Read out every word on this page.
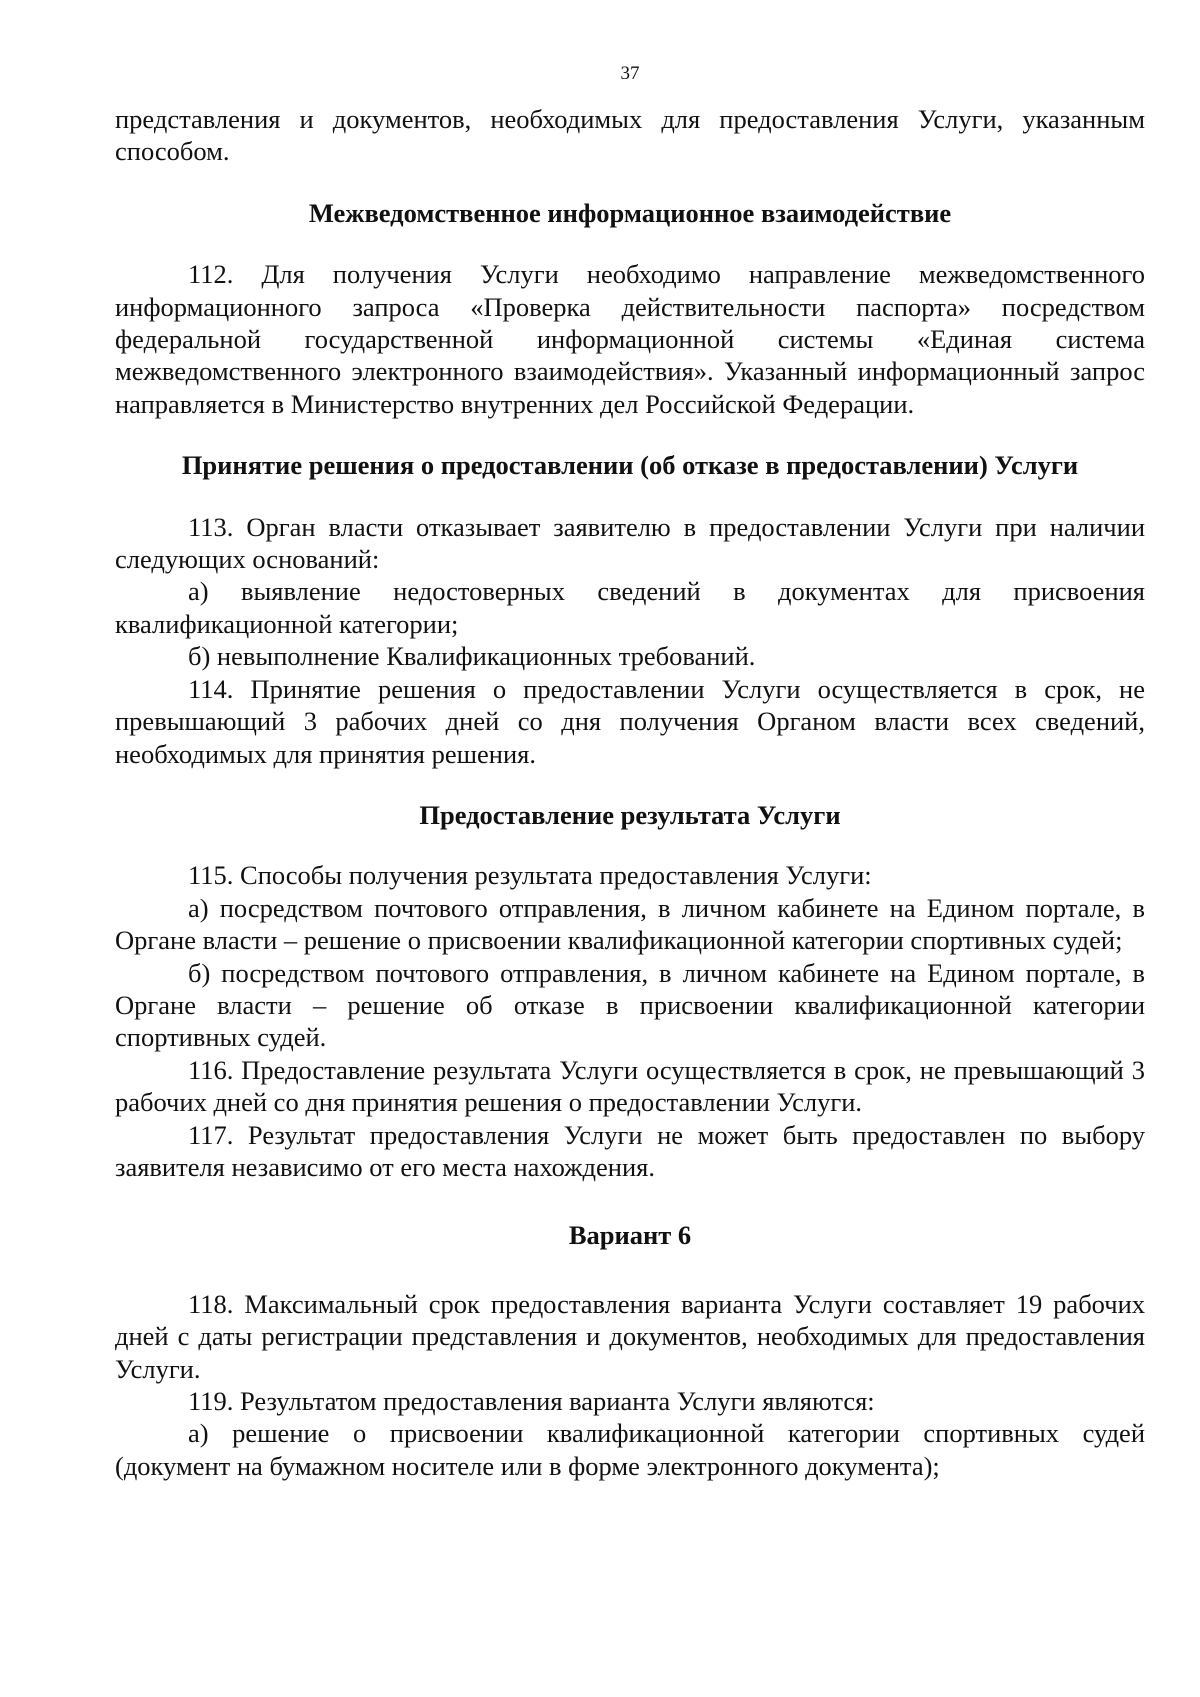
37

представления и документов, необходимых для предоставления Услуги, указанным способом.

Межведомственное информационное взаимодействие

112. Для получения Услуги необходимо направление межведомственного информационного запроса «Проверка действительности паспорта» посредством федеральной государственной информационной системы «Единая система межведомственного электронного взаимодействия». Указанный информационный запрос направляется в Министерство внутренних дел Российской Федерации.

Принятие решения о предоставлении (об отказе в предоставлении) Услуги

113. Орган власти отказывает заявителю в предоставлении Услуги при наличии следующих оснований:

а) выявление недостоверных сведений в документах для присвоения квалификационной категории;

б) невыполнение Квалификационных требований.

114. Принятие решения о предоставлении Услуги осуществляется в срок, не превышающий 3 рабочих дней со дня получения Органом власти всех сведений, необходимых для принятия решения.

Предоставление результата Услуги

115. Способы получения результата предоставления Услуги:

а) посредством почтового отправления, в личном кабинете на Едином портале, в Органе власти – решение о присвоении квалификационной категории спортивных судей;

б) посредством почтового отправления, в личном кабинете на Едином портале, в Органе власти – решение об отказе в присвоении квалификационной категории спортивных судей.

116. Предоставление результата Услуги осуществляется в срок, не превышающий 3 рабочих дней со дня принятия решения о предоставлении Услуги.

117. Результат предоставления Услуги не может быть предоставлен по выбору заявителя независимо от его места нахождения.

Вариант 6

118. Максимальный срок предоставления варианта Услуги составляет 19 рабочих дней с даты регистрации представления и документов, необходимых для предоставления Услуги.

119. Результатом предоставления варианта Услуги являются:

а) решение о присвоении квалификационной категории спортивных судей (документ на бумажном носителе или в форме электронного документа);
